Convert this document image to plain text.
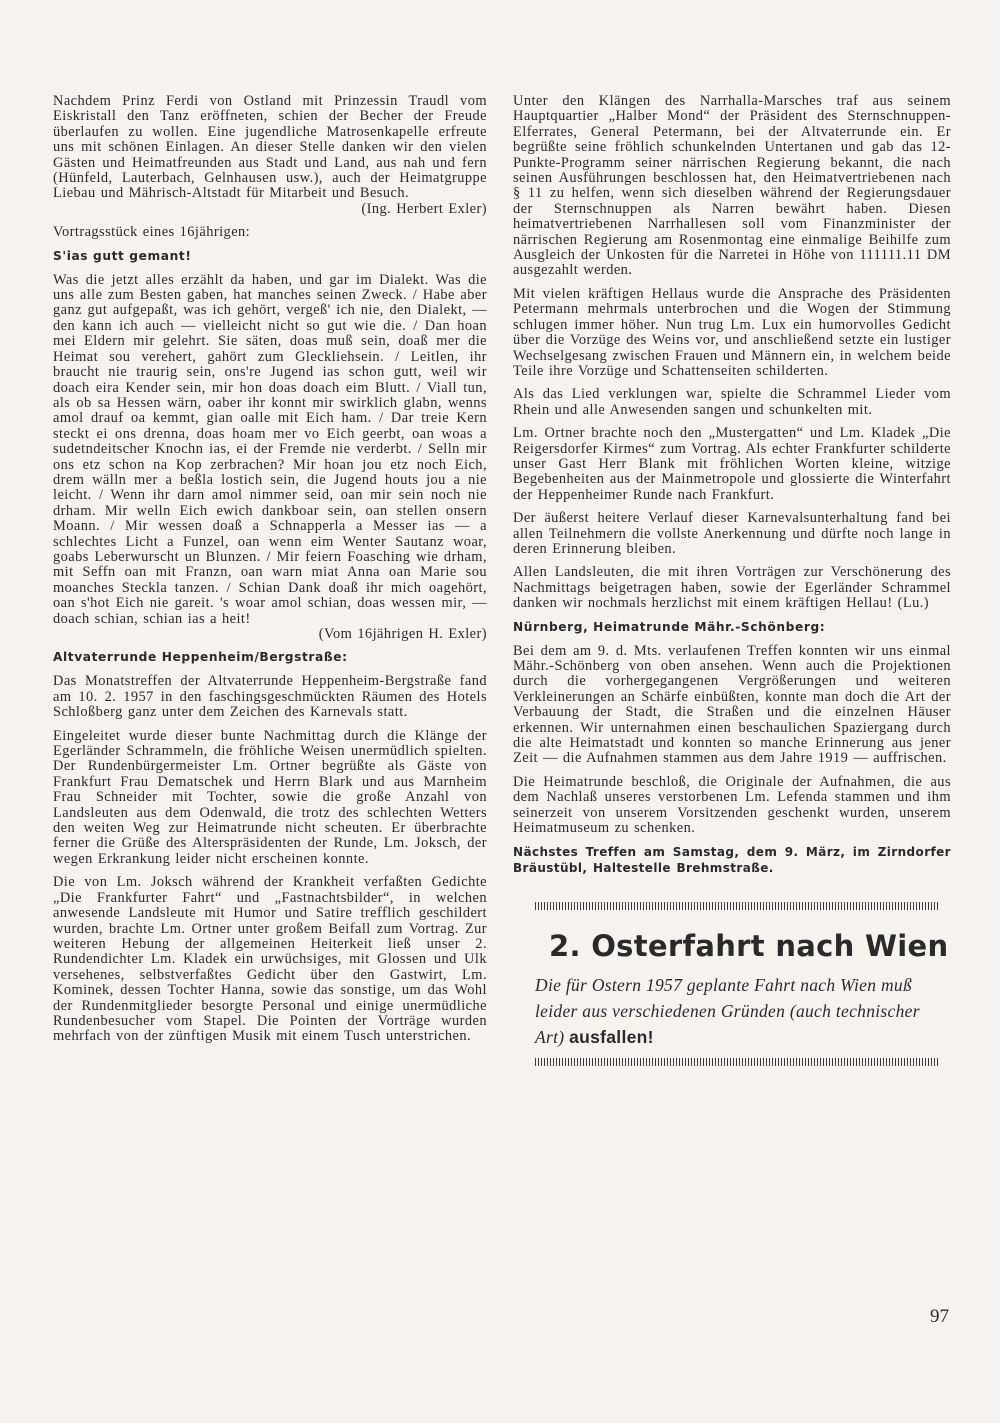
Nachdem Prinz Ferdi von Ostland mit Prinzessin Traudl vom Eiskristall den Tanz eröffneten, schien der Becher der Freude überlaufen zu wollen. Eine jugendliche Matrosenkapelle erfreute uns mit schönen Einlagen. An dieser Stelle danken wir den vielen Gästen und Heimatfreunden aus Stadt und Land, aus nah und fern (Hünfeld, Lauterbach, Gelnhausen usw.), auch der Heimatgruppe Liebau und Mährisch-Altstadt für Mitarbeit und Besuch.

(Ing. Herbert Exler)

Vortragsstück eines 16jährigen:

S'ias gutt gemant!

Was die jetzt alles erzählt da haben, und gar im Dialekt. Was die uns alle zum Besten gaben, hat manches seinen Zweck. / Habe aber ganz gut aufgepaßt, was ich gehört, vergeß' ich nie, den Dialekt, — den kann ich auch — vielleicht nicht so gut wie die. / Dan hoan mei Eldern mir gelehrt. Sie säten, doas muß sein, doaß mer die Heimat sou verehert, gahört zum Gleckliehsein. / Leitlen, ihr braucht nie traurig sein, ons're Jugend ias schon gutt, weil wir doach eira Kender sein, mir hon doas doach eim Blutt. / Viall tun, als ob sa Hessen wärn, oaber ihr konnt mir swirklich glabn, wenns amol drauf oa kemmt, gian oalle mit Eich ham. / Dar treie Kern steckt ei ons drenna, doas hoam mer vo Eich geerbt, oan woas a sudetndeitscher Knochn ias, ei der Fremde nie verderbt. / Selln mir ons etz schon na Kop zerbrachen? Mir hoan jou etz noch Eich, drem wälln mer a beßla lostich sein, die Jugend houts jou a nie leicht. / Wenn ihr darn amol nimmer seid, oan mir sein noch nie drham. Mir welln Eich ewich dankboar sein, oan stellen onsern Moann. / Mir wessen doaß a Schnapperla a Messer ias — a schlechtes Licht a Funzel, oan wenn eim Wenter Sautanz woar, goabs Leberwurscht un Blunzen. / Mir feiern Foasching wie drham, mit Seffn oan mit Franzn, oan warn miat Anna oan Marie sou moanches Steckla tanzen. / Schian Dank doaß ihr mich oagehört, oan s'hot Eich nie gareit. 's woar amol schian, doas wessen mir, — doach schian, schian ias a heit!

(Vom 16jährigen H. Exler)

Altvaterrunde Heppenheim/Bergstraße:

Das Monatstreffen der Altvaterrunde Heppenheim-Bergstraße fand am 10. 2. 1957 in den faschingsgeschmückten Räumen des Hotels Schloßberg ganz unter dem Zeichen des Karnevals statt.

Eingeleitet wurde dieser bunte Nachmittag durch die Klänge der Egerländer Schrammeln, die fröhliche Weisen unermüdlich spielten. Der Rundenbürgermeister Lm. Ortner begrüßte als Gäste von Frankfurt Frau Dematschek und Herrn Blark und aus Marnheim Frau Schneider mit Tochter, sowie die große Anzahl von Landsleuten aus dem Odenwald, die trotz des schlechten Wetters den weiten Weg zur Heimatrunde nicht scheuten. Er überbrachte ferner die Grüße des Alterspräsidenten der Runde, Lm. Joksch, der wegen Erkrankung leider nicht erscheinen konnte.

Die von Lm. Joksch während der Krankheit verfaßten Gedichte „Die Frankfurter Fahrt“ und „Fastnachtsbilder“, in welchen anwesende Landsleute mit Humor und Satire trefflich geschildert wurden, brachte Lm. Ortner unter großem Beifall zum Vortrag. Zur weiteren Hebung der allgemeinen Heiterkeit ließ unser 2. Rundendichter Lm. Kladek ein urwüchsiges, mit Glossen und Ulk versehenes, selbstverfaßtes Gedicht über den Gastwirt, Lm. Kominek, dessen Tochter Hanna, sowie das sonstige, um das Wohl der Rundenmitglieder besorgte Personal und einige unermüdliche Rundenbesucher vom Stapel. Die Pointen der Vorträge wurden mehrfach von der zünftigen Musik mit einem Tusch unterstrichen.

Unter den Klängen des Narrhalla-Marsches traf aus seinem Hauptquartier „Halber Mond“ der Präsident des Sternschnuppen-Elferrates, General Petermann, bei der Altvaterrunde ein. Er begrüßte seine fröhlich schunkelnden Untertanen und gab das 12-Punkte-Programm seiner närrischen Regierung bekannt, die nach seinen Ausführungen beschlossen hat, den Heimatvertriebenen nach § 11 zu helfen, wenn sich dieselben während der Regierungsdauer der Sternschnuppen als Narren bewährt haben. Diesen heimatvertriebenen Narrhallesen soll vom Finanzminister der närrischen Regierung am Rosenmontag eine einmalige Beihilfe zum Ausgleich der Unkosten für die Narretei in Höhe von 111111.11 DM ausgezahlt werden.

Mit vielen kräftigen Hellaus wurde die Ansprache des Präsidenten Petermann mehrmals unterbrochen und die Wogen der Stimmung schlugen immer höher. Nun trug Lm. Lux ein humorvolles Gedicht über die Vorzüge des Weins vor, und anschließend setzte ein lustiger Wechselgesang zwischen Frauen und Männern ein, in welchem beide Teile ihre Vorzüge und Schattenseiten schilderten.

Als das Lied verklungen war, spielte die Schrammel Lieder vom Rhein und alle Anwesenden sangen und schunkelten mit.

Lm. Ortner brachte noch den „Mustergatten“ und Lm. Kladek „Die Reigersdorfer Kirmes“ zum Vortrag. Als echter Frankfurter schilderte unser Gast Herr Blank mit fröhlichen Worten kleine, witzige Begebenheiten aus der Mainmetropole und glossierte die Winterfahrt der Heppenheimer Runde nach Frankfurt.

Der äußerst heitere Verlauf dieser Karnevalsunterhaltung fand bei allen Teilnehmern die vollste Anerkennung und dürfte noch lange in deren Erinnerung bleiben.

Allen Landsleuten, die mit ihren Vorträgen zur Verschönerung des Nachmittags beigetragen haben, sowie der Egerländer Schrammel danken wir nochmals herzlichst mit einem kräftigen Hellau! (Lu.)

Nürnberg, Heimatrunde Mähr.-Schönberg:

Bei dem am 9. d. Mts. verlaufenen Treffen konnten wir uns einmal Mähr.-Schönberg von oben ansehen. Wenn auch die Projektionen durch die vorhergegangenen Vergrößerungen und weiteren Verkleinerungen an Schärfe einbüßten, konnte man doch die Art der Verbauung der Stadt, die Straßen und die einzelnen Häuser erkennen. Wir unternahmen einen beschaulichen Spaziergang durch die alte Heimatstadt und konnten so manche Erinnerung aus jener Zeit — die Aufnahmen stammen aus dem Jahre 1919 — auffrischen.

Die Heimatrunde beschloß, die Originale der Aufnahmen, die aus dem Nachlaß unseres verstorbenen Lm. Lefenda stammen und ihm seinerzeit von unserem Vorsitzenden geschenkt wurden, unserem Heimatmuseum zu schenken.

Nächstes Treffen am Samstag, dem 9. März, im Zirndorfer Bräustübl, Haltestelle Brehmstraße.

2. Osterfahrt nach Wien
Die für Ostern 1957 geplante Fahrt nach Wien muß leider aus verschiedenen Gründen (auch technischer Art) ausfallen!
97
